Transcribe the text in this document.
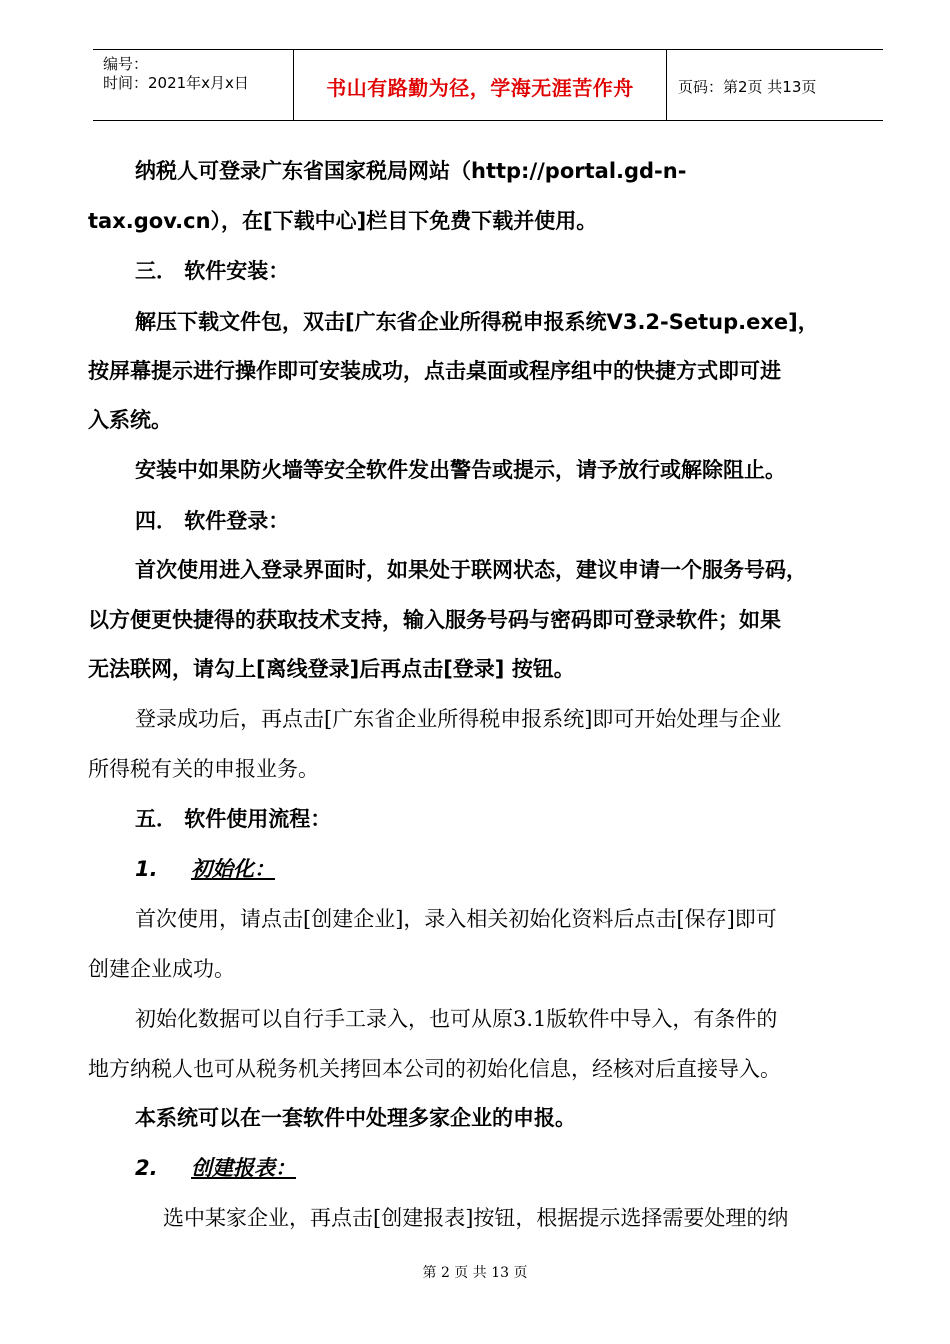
编号：
时间：2021年x月x日	书山有路勤为径，学海无涯苦作舟	页码：第2页 共13页
纳税人可登录广东省国家税局网站（http://portal.gd-n-
tax.gov.cn），在[下载中心]栏目下免费下载并使用。
三． 软件安装：
解压下载文件包，双击[广东省企业所得税申报系统V3.2-Setup.exe]，
按屏幕提示进行操作即可安装成功，点击桌面或程序组中的快捷方式即可进
入系统。
安装中如果防火墙等安全软件发出警告或提示，请予放行或解除阻止。
四． 软件登录：
首次使用进入登录界面时，如果处于联网状态，建议申请一个服务号码，
以方便更快捷得的获取技术支持，输入服务号码与密码即可登录软件；如果
无法联网，请勾上[离线登录]后再点击[登录] 按钮。
登录成功后，再点击[广东省企业所得税申报系统]即可开始处理与企业
所得税有关的申报业务。
五． 软件使用流程：
1. 初始化：
首次使用，请点击[创建企业]，录入相关初始化资料后点击[保存]即可
创建企业成功。
初始化数据可以自行手工录入，也可从原3.1版软件中导入，有条件的
地方纳税人也可从税务机关拷回本公司的初始化信息，经核对后直接导入。
本系统可以在一套软件中处理多家企业的申报。
2. 创建报表：
选中某家企业，再点击[创建报表]按钮，根据提示选择需要处理的纳
第 2 页 共 13 页
